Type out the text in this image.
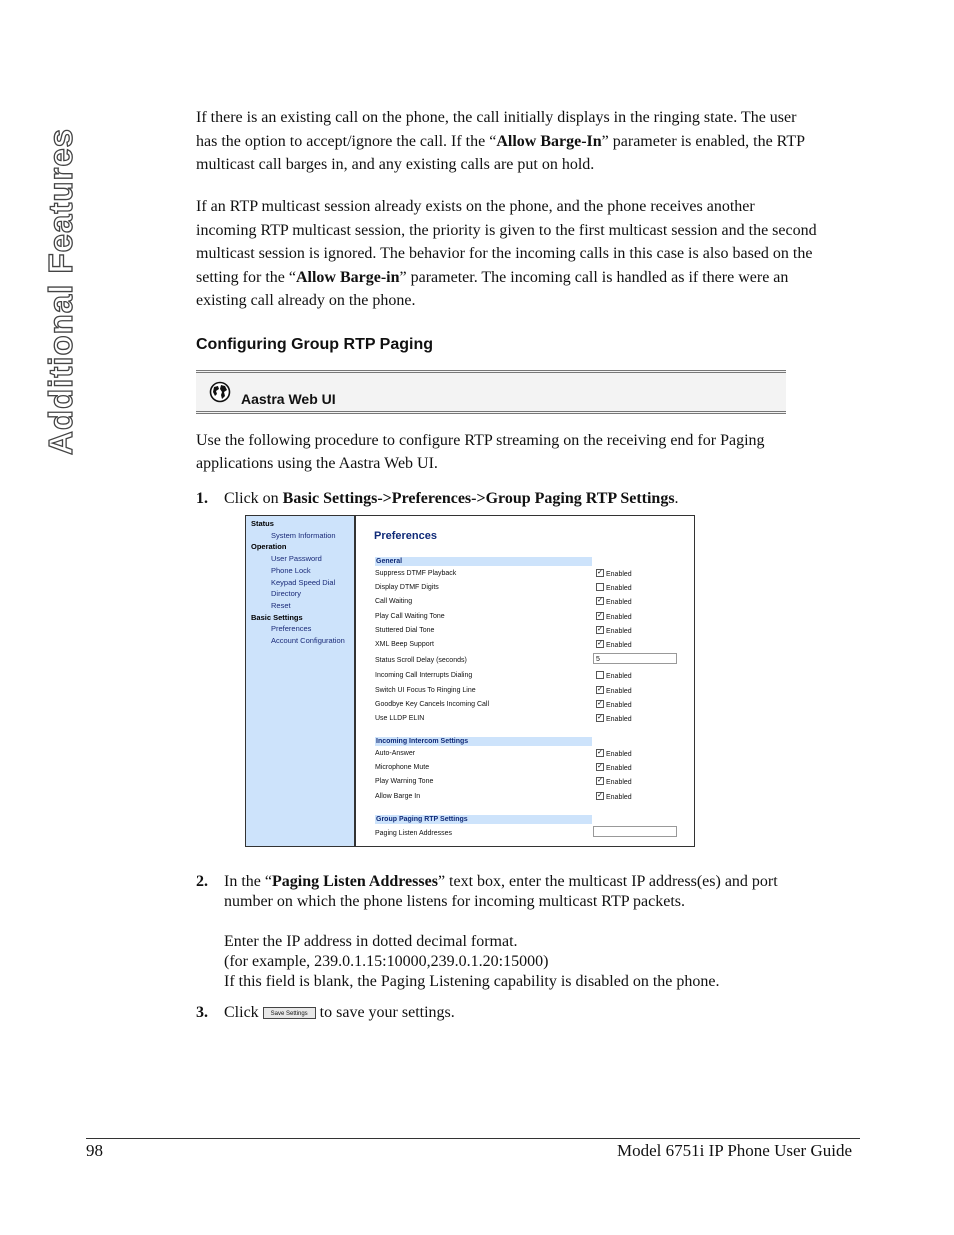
Additional Features
If there is an existing call on the phone, the call initially displays in the ringing state. The user
has the option to accept/ignore the call. If the “Allow Barge-In” parameter is enabled, the RTP
multicast call barges in, and any existing calls are put on hold.
If an RTP multicast session already exists on the phone, and the phone receives another
incoming RTP multicast session, the priority is given to the first multicast session and the second
multicast session is ignored. The behavior for the incoming calls in this case is also based on the
setting for the “Allow Barge-in” parameter. The incoming call is handled as if there were an
existing call already on the phone.
Configuring Group RTP Paging
Aastra Web UI
Use the following procedure to configure RTP streaming on the receiving end for Paging
applications using the Aastra Web UI.
1. Click on Basic Settings->Preferences->Group Paging RTP Settings.
Status
System Information
Operation
User Password
Phone Lock
Keypad Speed Dial
Directory
Reset
Basic Settings
Preferences
Account Configuration
Preferences
General
Suppress DTMF Playback	✓ Enabled
Display DTMF Digits	Enabled
Call Waiting	✓ Enabled
Play Call Waiting Tone	✓ Enabled
Stuttered Dial Tone	✓ Enabled
XML Beep Support	✓ Enabled
Status Scroll Delay (seconds)	5
Incoming Call Interrupts Dialing	Enabled
Switch UI Focus To Ringing Line	✓ Enabled
Goodbye Key Cancels Incoming Call	✓ Enabled
Use LLDP ELIN	✓ Enabled
Incoming Intercom Settings
Auto-Answer	✓ Enabled
Microphone Mute	✓ Enabled
Play Warning Tone	✓ Enabled
Allow Barge In	✓ Enabled
Group Paging RTP Settings
Paging Listen Addresses
2. In the “Paging Listen Addresses” text box, enter the multicast IP address(es) and port
number on which the phone listens for incoming multicast RTP packets.

Enter the IP address in dotted decimal format.
(for example, 239.0.1.15:10000,239.0.1.20:15000)
If this field is blank, the Paging Listening capability is disabled on the phone.
3. Click Save Settings to save your settings.
98	Model 6751i IP Phone User Guide
